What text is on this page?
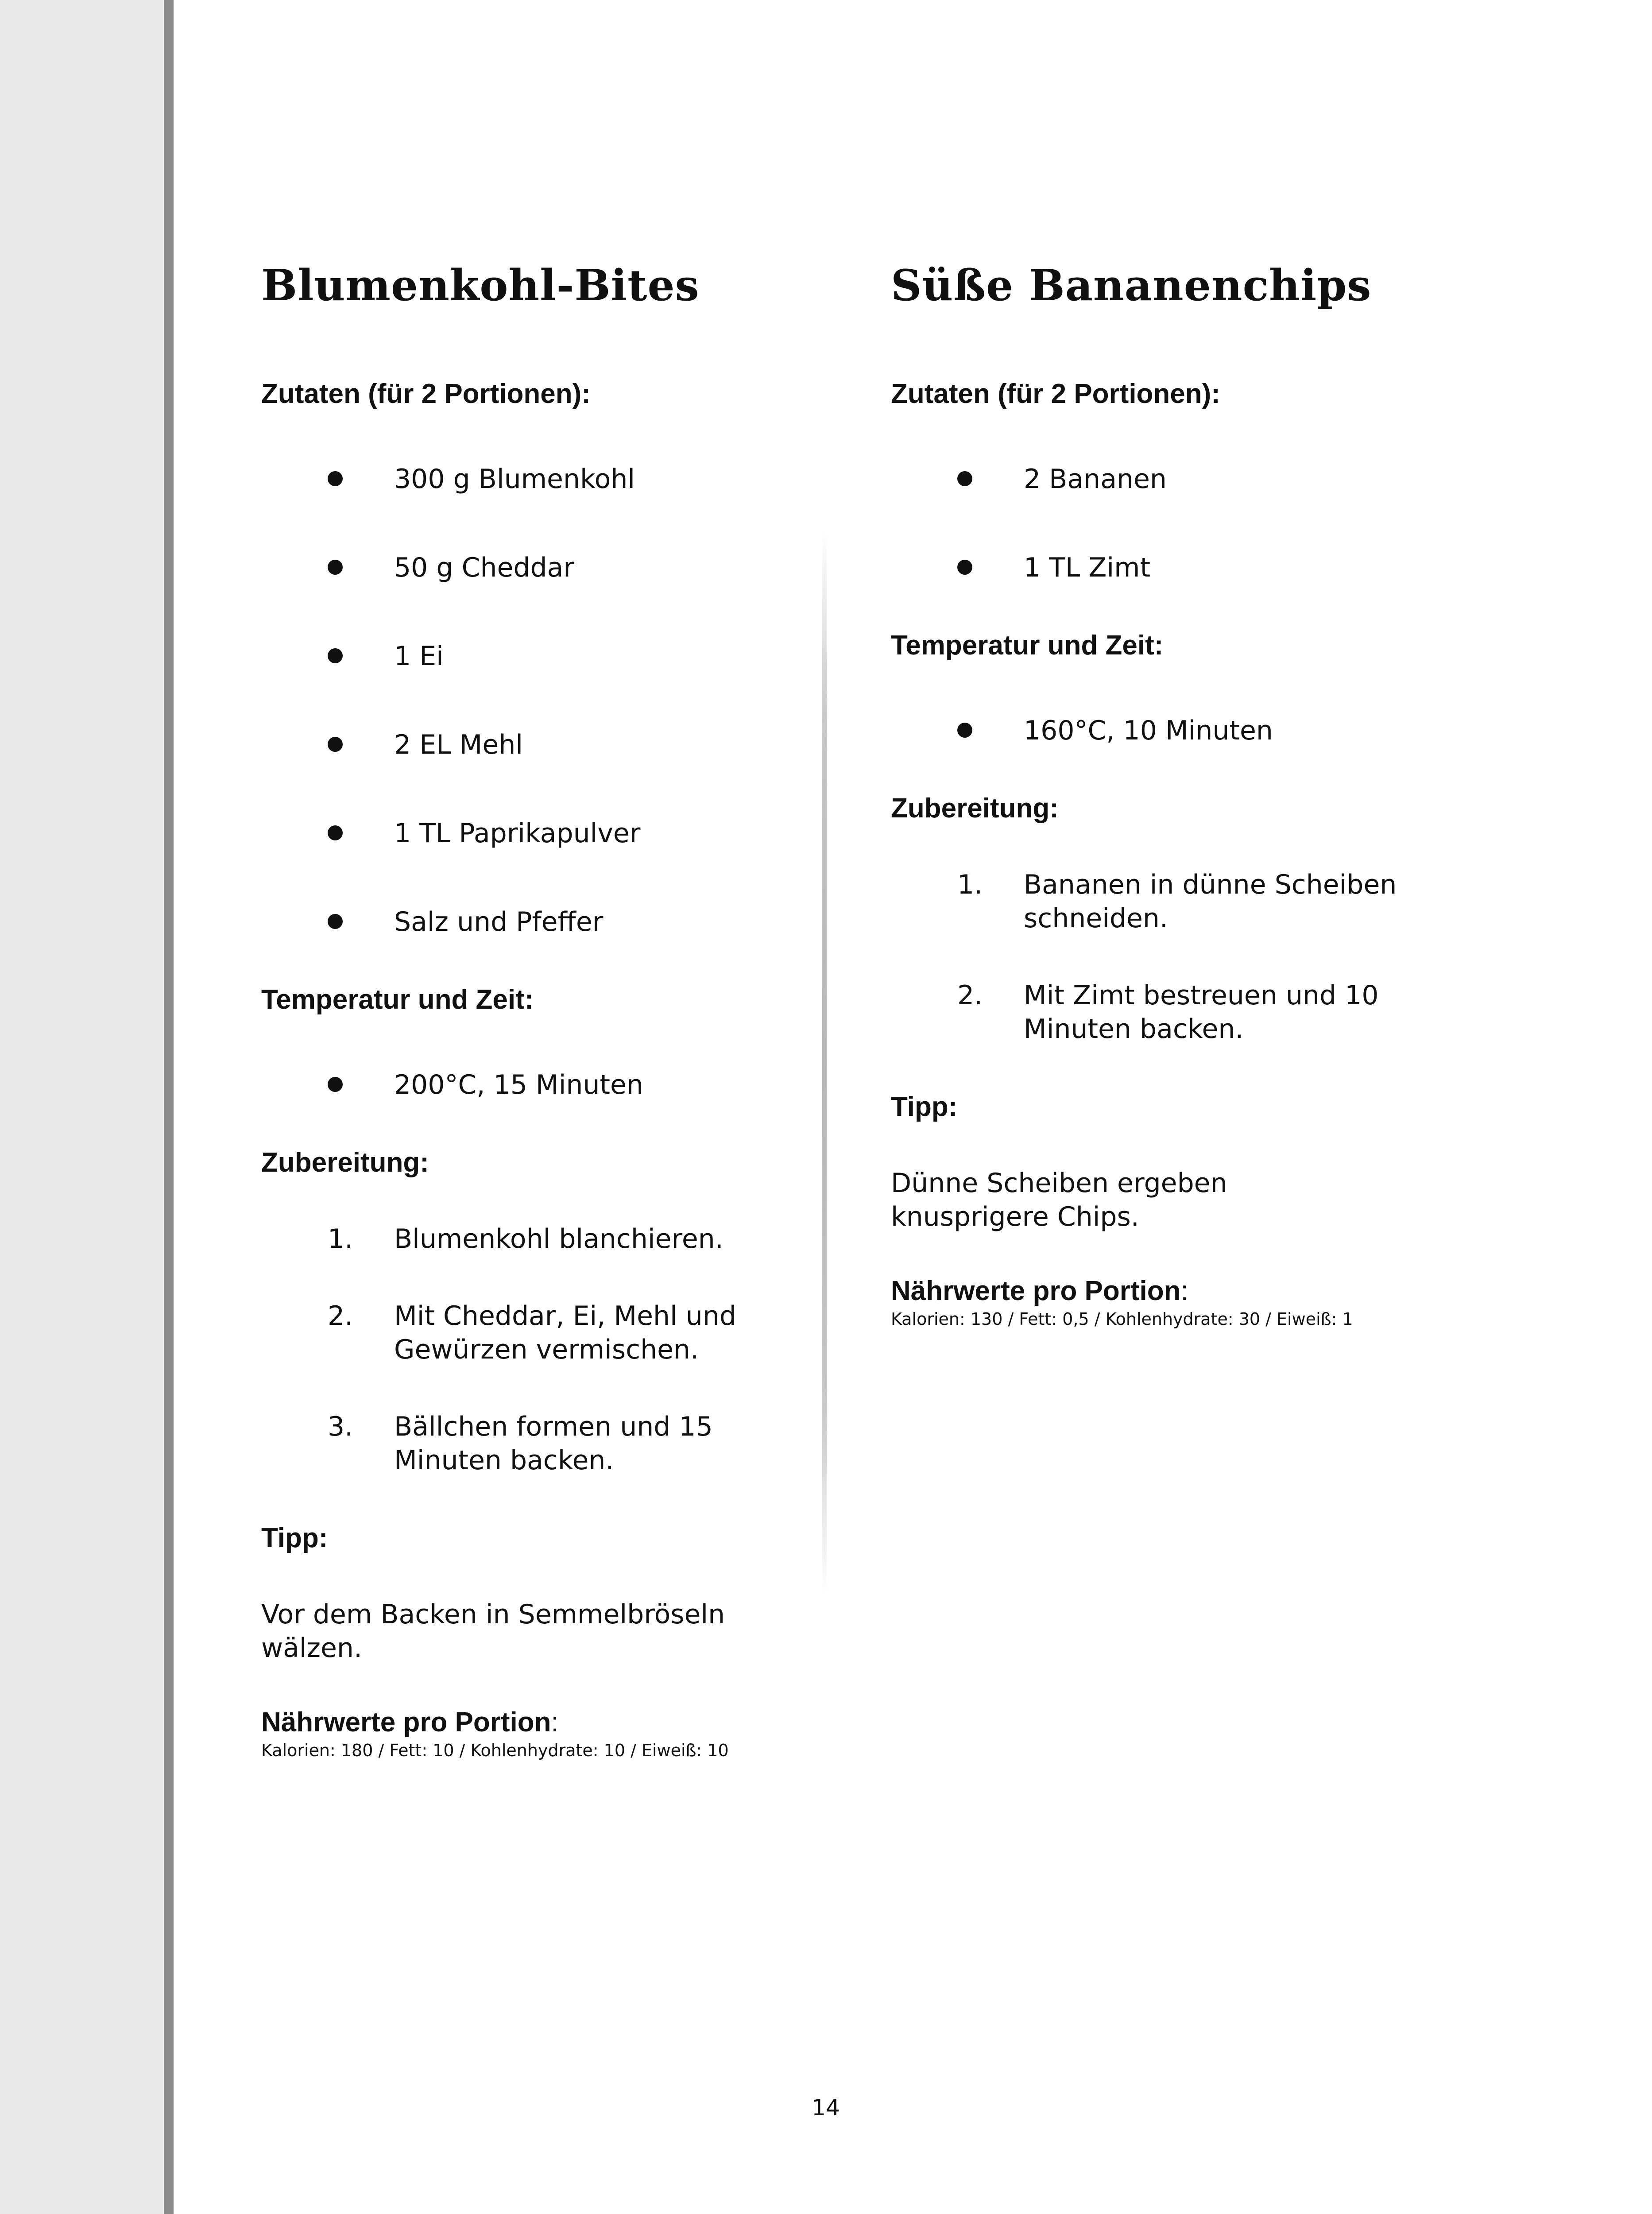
Blumenkohl-Bites

Zutaten (für 2 Portionen):

300 g Blumenkohl
50 g Cheddar
1 Ei
2 EL Mehl
1 TL Paprikapulver
Salz und Pfeffer

Temperatur und Zeit:

200°C, 15 Minuten

Zubereitung:

1. Blumenkohl blanchieren.
2. Mit Cheddar, Ei, Mehl und Gewürzen vermischen.
3. Bällchen formen und 15 Minuten backen.

Tipp:

Vor dem Backen in Semmelbröseln wälzen.

Nährwerte pro Portion:

Kalorien: 180 / Fett: 10 / Kohlenhydrate: 10 / Eiweiß: 10

Süße Bananenchips

Zutaten (für 2 Portionen):

2 Bananen
1 TL Zimt

Temperatur und Zeit:

160°C, 10 Minuten

Zubereitung:

1. Bananen in dünne Scheiben schneiden.
2. Mit Zimt bestreuen und 10 Minuten backen.

Tipp:

Dünne Scheiben ergeben knusprigere Chips.

Nährwerte pro Portion:

Kalorien: 130 / Fett: 0,5 / Kohlenhydrate: 30 / Eiweiß: 1

14
